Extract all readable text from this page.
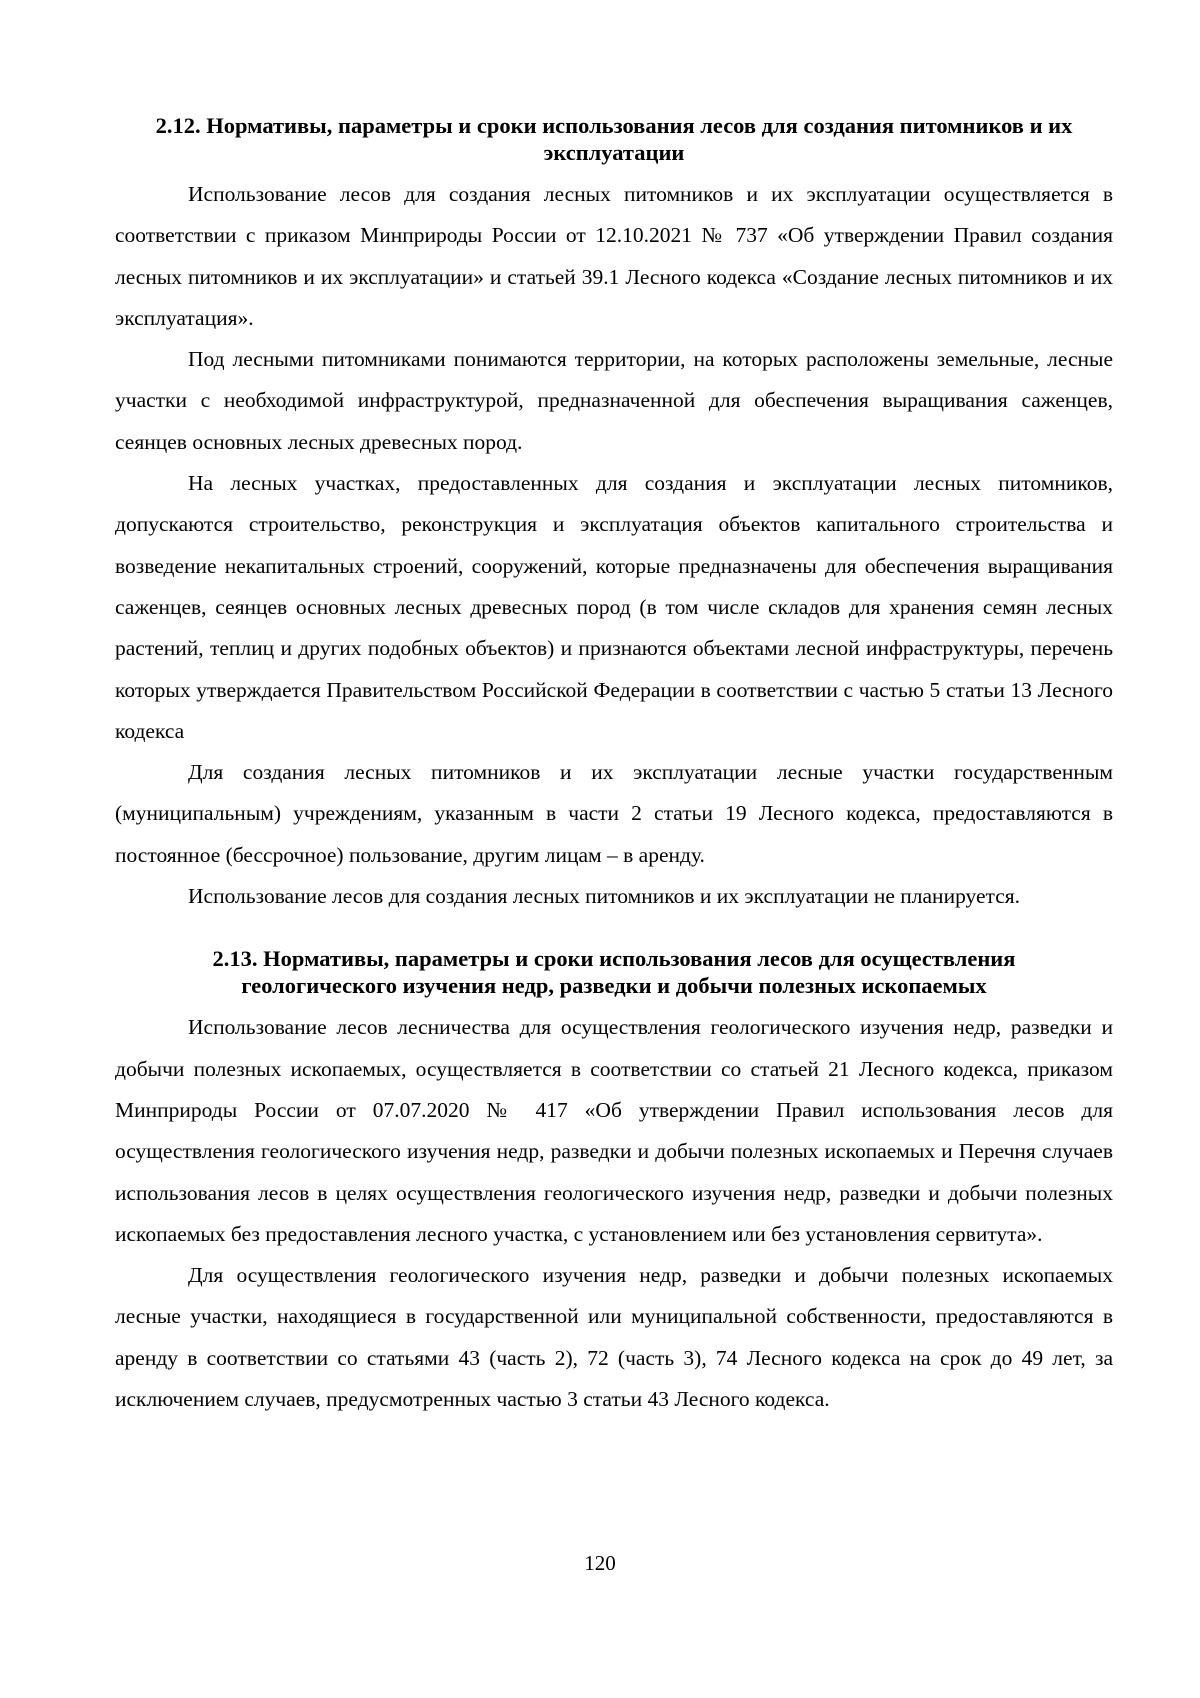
2.12. Нормативы, параметры и сроки использования лесов для создания питомников и их эксплуатации

Использование лесов для создания лесных питомников и их эксплуатации осуществляется в соответствии с приказом Минприроды России от 12.10.2021 № 737 «Об утверждении Правил создания лесных питомников и их эксплуатации» и статьей 39.1 Лесного кодекса «Создание лесных питомников и их эксплуатация».

Под лесными питомниками понимаются территории, на которых расположены земельные, лесные участки с необходимой инфраструктурой, предназначенной для обеспечения выращивания саженцев, сеянцев основных лесных древесных пород.

На лесных участках, предоставленных для создания и эксплуатации лесных питомников, допускаются строительство, реконструкция и эксплуатация объектов капитального строительства и возведение некапитальных строений, сооружений, которые предназначены для обеспечения выращивания саженцев, сеянцев основных лесных древесных пород (в том числе складов для хранения семян лесных растений, теплиц и других подобных объектов) и признаются объектами лесной инфраструктуры, перечень которых утверждается Правительством Российской Федерации в соответствии с частью 5 статьи 13 Лесного кодекса

Для создания лесных питомников и их эксплуатации лесные участки государственным (муниципальным) учреждениям, указанным в части 2 статьи 19 Лесного кодекса, предоставляются в постоянное (бессрочное) пользование, другим лицам – в аренду.

Использование лесов для создания лесных питомников и их эксплуатации не планируется.

2.13. Нормативы, параметры и сроки использования лесов для осуществления геологического изучения недр, разведки и добычи полезных ископаемых

Использование лесов лесничества для осуществления геологического изучения недр, разведки и добычи полезных ископаемых, осуществляется в соответствии со статьей 21 Лесного кодекса, приказом Минприроды России от 07.07.2020 № 417 «Об утверждении Правил использования лесов для осуществления геологического изучения недр, разведки и добычи полезных ископаемых и Перечня случаев использования лесов в целях осуществления геологического изучения недр, разведки и добычи полезных ископаемых без предоставления лесного участка, с установлением или без установления сервитута».

Для осуществления геологического изучения недр, разведки и добычи полезных ископаемых лесные участки, находящиеся в государственной или муниципальной собственности, предоставляются в аренду в соответствии со статьями 43 (часть 2), 72 (часть 3), 74 Лесного кодекса на срок до 49 лет, за исключением случаев, предусмотренных частью 3 статьи 43 Лесного кодекса.

120
